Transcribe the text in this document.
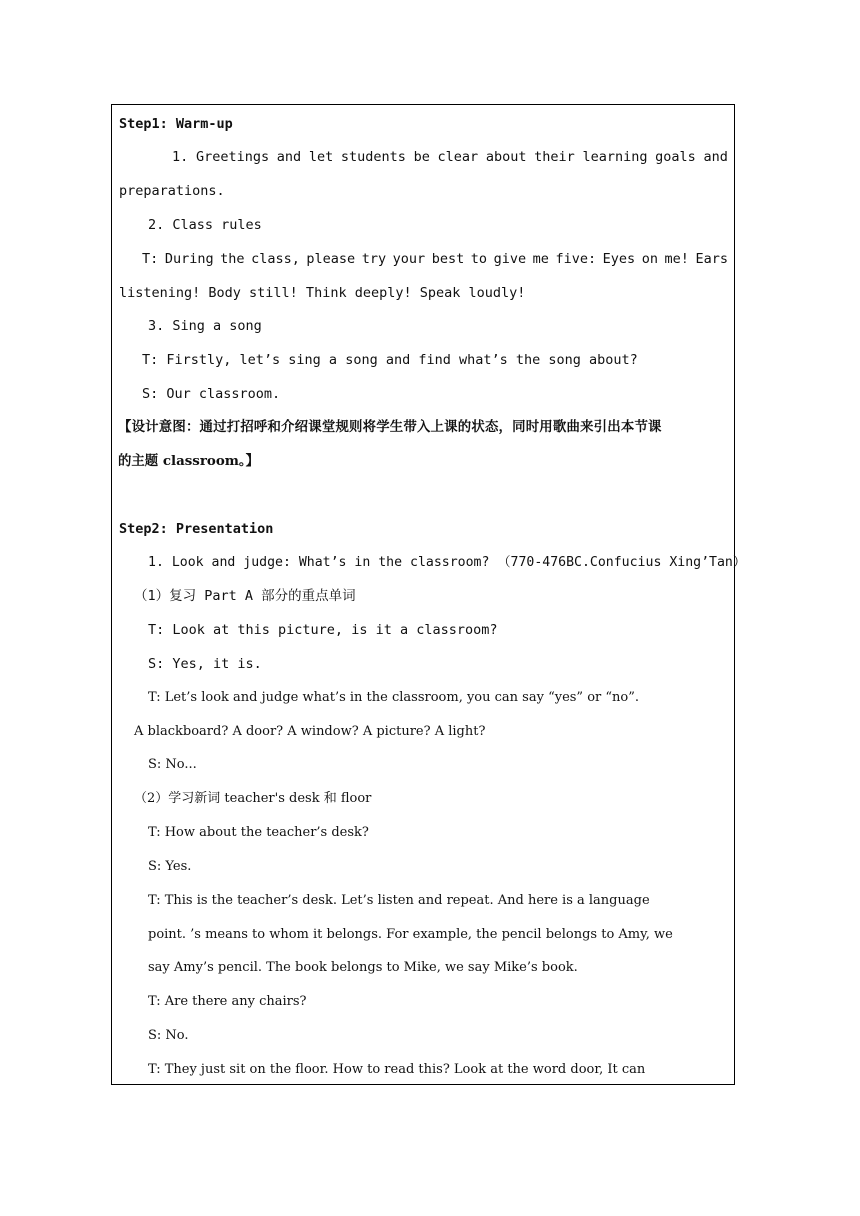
Step1: Warm-up
1. Greetings and let students be clear about their learning goals and
preparations.
2. Class rules
T: During the class, please try your best to give me five: Eyes on me! Ears
listening! Body still! Think deeply! Speak loudly!
3. Sing a song
T: Firstly, let’s sing a song and find what’s the song about?
S: Our classroom.
【设计意图：通过打招呼和介绍课堂规则将学生带入上课的状态，同时用歌曲来引出本节课
的主题 classroom。】
Step2: Presentation
1. Look and judge: What’s in the classroom? （770-476BC.Confucius Xing’Tan）
（1）复习 Part A 部分的重点单词
T: Look at this picture, is it a classroom?
S: Yes, it is.
T: Let’s look and judge what’s in the classroom, you can say “yes” or “no”.
A blackboard? A door? A window? A picture? A light?
S: No...
（2）学习新词 teacher's desk 和 floor
T: How about the teacher’s desk?
S: Yes.
T: This is the teacher’s desk. Let’s listen and repeat. And here is a language
point. ’s means to whom it belongs. For example, the pencil belongs to Amy, we
say Amy’s pencil. The book belongs to Mike, we say Mike’s book.
T: Are there any chairs?
S: No.
T: They just sit on the floor. How to read this? Look at the word door, It can
